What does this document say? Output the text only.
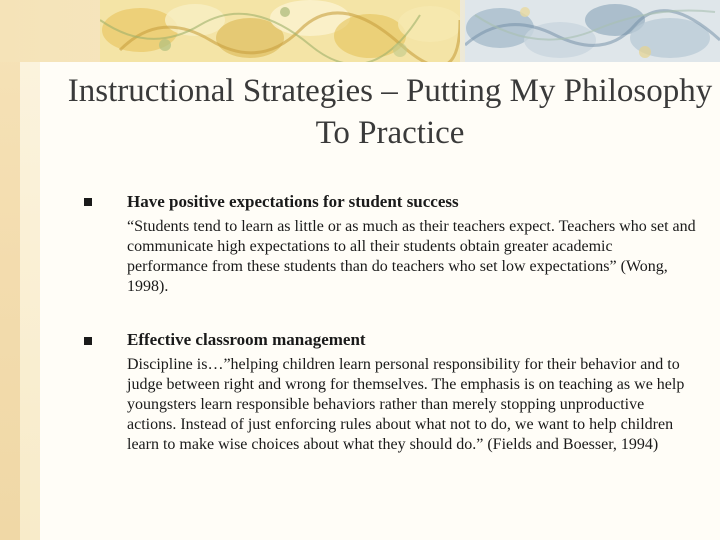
Instructional Strategies – Putting My Philosophy To Practice

Have positive expectations for student success

“Students tend to learn as little or as much as their teachers expect. Teachers who set and communicate high expectations to all their students obtain greater academic performance from these students than do teachers who set low expectations” (Wong, 1998).

Effective classroom management

Discipline is…”helping children learn personal responsibility for their behavior and to judge between right and wrong for themselves. The emphasis is on teaching as we help youngsters learn responsible behaviors rather than merely stopping unproductive actions. Instead of just enforcing rules about what not to do, we want to help children learn to make wise choices about what they should do.” (Fields and Boesser, 1994)
